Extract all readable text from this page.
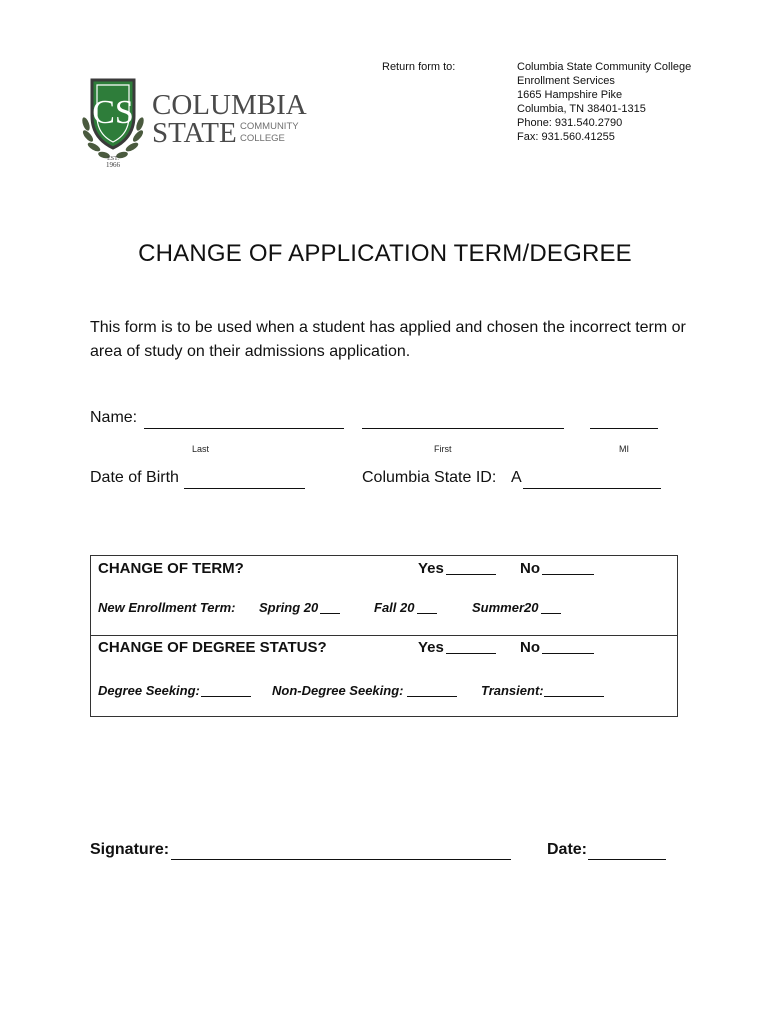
Return form to:	Columbia State Community College
Enrollment Services
1665 Hampshire Pike
Columbia, TN 38401-1315
Phone: 931.540.2790
Fax: 931.560.41255
CS
EST.
1966
COLUMBIA
STATE COMMUNITY
COLLEGE
CHANGE OF APPLICATION TERM/DEGREE
This form is to be used when a student has applied and chosen the incorrect term or area of study on their admissions application.
Name:
Last	First	MI
Date of Birth	Columbia State ID: A
CHANGE OF TERM?	Yes	No
New Enrollment Term: Spring 20	Fall 20	Summer20
CHANGE OF DEGREE STATUS?	Yes	No
Degree Seeking:	Non-Degree Seeking:	Transient:
Signature:	Date:
